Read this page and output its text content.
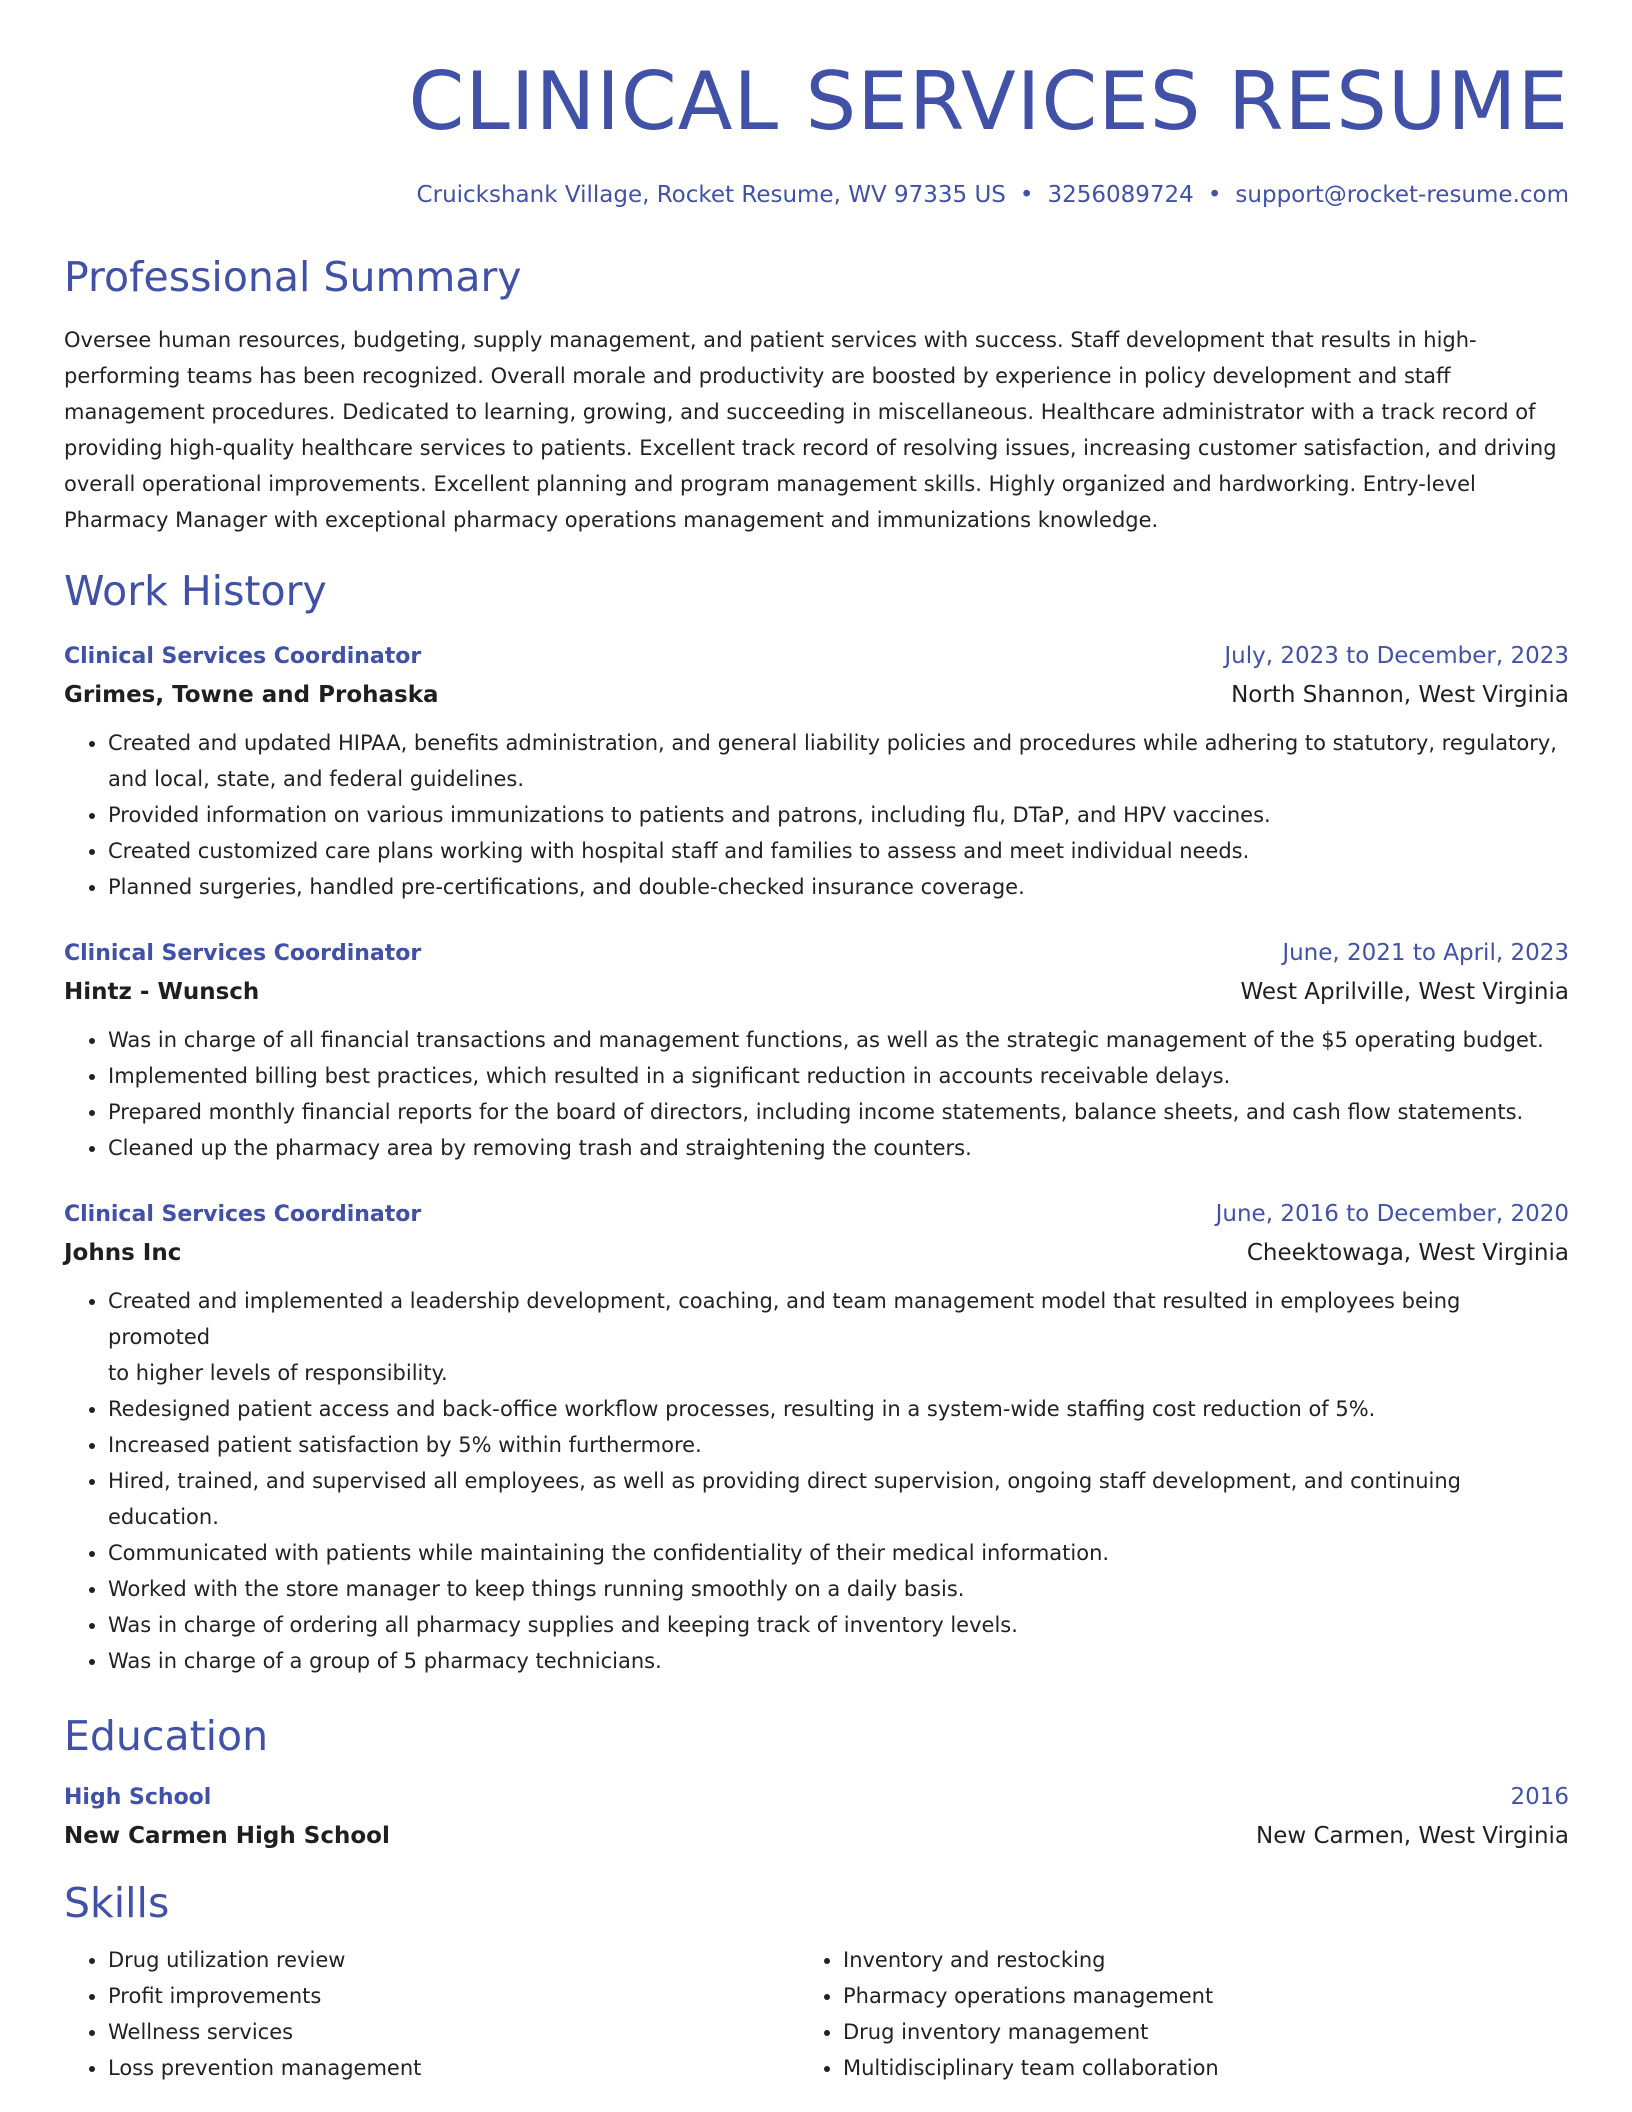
CLINICAL SERVICES RESUME
Cruickshank Village, Rocket Resume, WV 97335 US • 3256089724 • support@rocket-resume.com
Professional Summary
Oversee human resources, budgeting, supply management, and patient services with success. Staff development that results in high-
performing teams has been recognized. Overall morale and productivity are boosted by experience in policy development and staff
management procedures. Dedicated to learning, growing, and succeeding in miscellaneous. Healthcare administrator with a track record of
providing high-quality healthcare services to patients. Excellent track record of resolving issues, increasing customer satisfaction, and driving
overall operational improvements. Excellent planning and program management skills. Highly organized and hardworking. Entry-level
Pharmacy Manager with exceptional pharmacy operations management and immunizations knowledge.
Work History
Clinical Services Coordinator	July, 2023 to December, 2023
Grimes, Towne and Prohaska	North Shannon, West Virginia
• Created and updated HIPAA, benefits administration, and general liability policies and procedures while adhering to statutory, regulatory,
and local, state, and federal guidelines.
• Provided information on various immunizations to patients and patrons, including flu, DTaP, and HPV vaccines.
• Created customized care plans working with hospital staff and families to assess and meet individual needs.
• Planned surgeries, handled pre-certifications, and double-checked insurance coverage.
Clinical Services Coordinator	June, 2021 to April, 2023
Hintz - Wunsch	West Aprilville, West Virginia
• Was in charge of all financial transactions and management functions, as well as the strategic management of the $5 operating budget.
• Implemented billing best practices, which resulted in a significant reduction in accounts receivable delays.
• Prepared monthly financial reports for the board of directors, including income statements, balance sheets, and cash flow statements.
• Cleaned up the pharmacy area by removing trash and straightening the counters.
Clinical Services Coordinator	June, 2016 to December, 2020
Johns Inc	Cheektowaga, West Virginia
• Created and implemented a leadership development, coaching, and team management model that resulted in employees being promoted
to higher levels of responsibility.
• Redesigned patient access and back-office workflow processes, resulting in a system-wide staffing cost reduction of 5%.
• Increased patient satisfaction by 5% within furthermore.
• Hired, trained, and supervised all employees, as well as providing direct supervision, ongoing staff development, and continuing
education.
• Communicated with patients while maintaining the confidentiality of their medical information.
• Worked with the store manager to keep things running smoothly on a daily basis.
• Was in charge of ordering all pharmacy supplies and keeping track of inventory levels.
• Was in charge of a group of 5 pharmacy technicians.
Education
High School	2016
New Carmen High School	New Carmen, West Virginia
Skills
• Drug utilization review
• Profit improvements
• Wellness services
• Loss prevention management
• Inventory and restocking
• Pharmacy operations management
• Drug inventory management
• Multidisciplinary team collaboration
